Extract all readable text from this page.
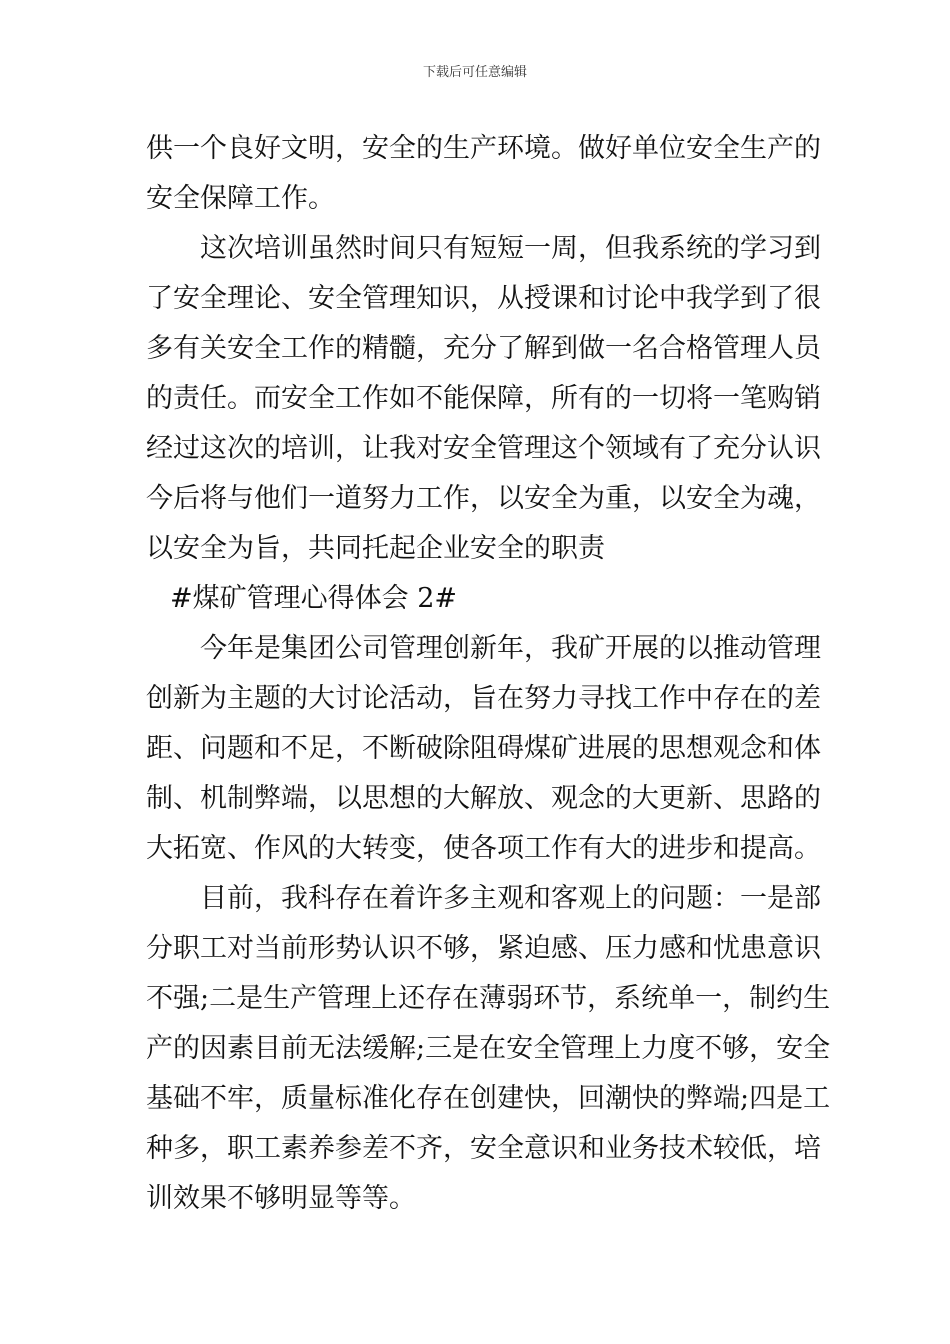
下载后可任意编辑
供一个良好文明，安全的生产环境。做好单位安全生产的
安全保障工作。
这次培训虽然时间只有短短一周，但我系统的学习到
了安全理论、安全管理知识，从授课和讨论中我学到了很
多有关安全工作的精髓，充分了解到做一名合格管理人员
的责任。而安全工作如不能保障，所有的一切将一笔购销
经过这次的培训，让我对安全管理这个领域有了充分认识
今后将与他们一道努力工作，以安全为重，以安全为魂，
以安全为旨，共同托起企业安全的职责
#煤矿管理心得体会 2#
今年是集团公司管理创新年，我矿开展的以推动管理
创新为主题的大讨论活动，旨在努力寻找工作中存在的差
距、问题和不足，不断破除阻碍煤矿进展的思想观念和体
制、机制弊端，以思想的大解放、观念的大更新、思路的
大拓宽、作风的大转变，使各项工作有大的进步和提高。
目前，我科存在着许多主观和客观上的问题：一是部
分职工对当前形势认识不够，紧迫感、压力感和忧患意识
不强;二是生产管理上还存在薄弱环节，系统单一，制约生
产的因素目前无法缓解;三是在安全管理上力度不够，安全
基础不牢，质量标准化存在创建快，回潮快的弊端;四是工
种多，职工素养参差不齐，安全意识和业务技术较低，培
训效果不够明显等等。
